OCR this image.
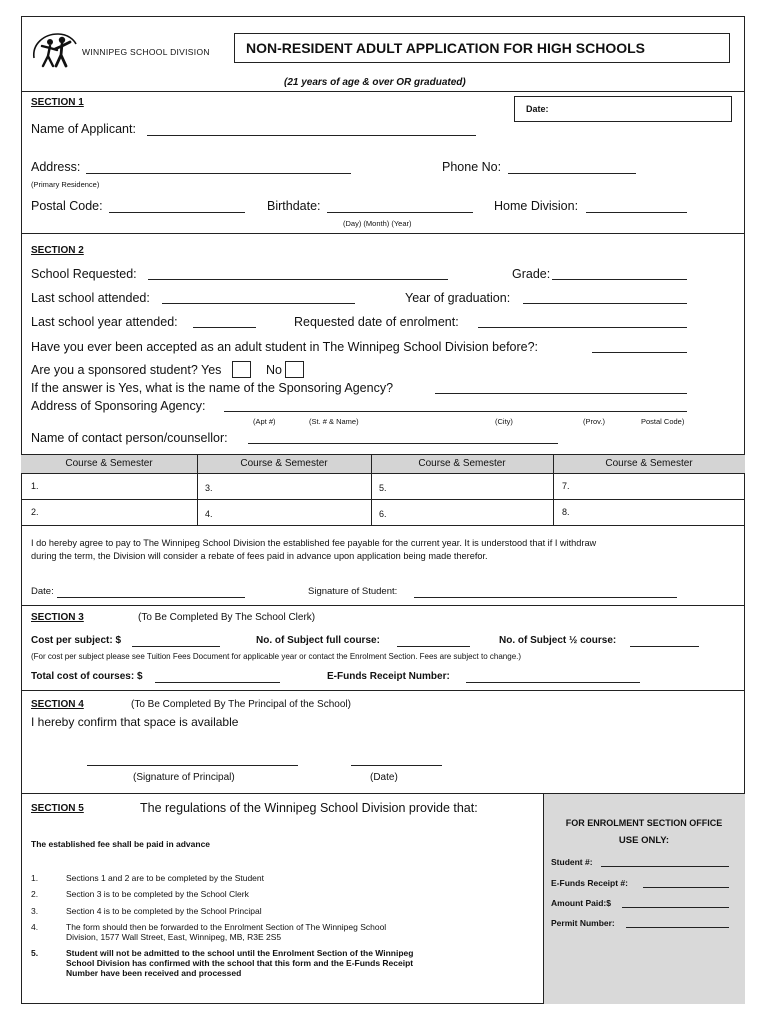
WINNIPEG SCHOOL DIVISION	NON-RESIDENT ADULT APPLICATION FOR HIGH SCHOOLS
(21 years of age & over OR graduated)
SECTION 1
Date:
Name of Applicant:
Address:	Phone No:
(Primary Residence)
Postal Code:	Birthdate:	Home Division:
(Day) (Month) (Year)
SECTION 2
School Requested:	Grade:
Last school attended:	Year of graduation:
Last school year attended:	Requested date of enrolment:
Have you ever been accepted as an adult student in The Winnipeg School Division before?:
Are you a sponsored student? Yes	No
If the answer is Yes, what is the name of the Sponsoring Agency?
Address of Sponsoring Agency:
(Apt #)	(St. # & Name)	(City)	(Prov.)	Postal Code)
Name of contact person/counsellor:
Course & Semester	Course & Semester	Course & Semester	Course & Semester
1.	3.	5.	7.
2.	4.	6.	8.
I do hereby agree to pay to The Winnipeg School Division the established fee payable for the current year. It is understood that if I withdraw
during the term, the Division will consider a rebate of fees paid in advance upon application being made therefor.
Date:	Signature of Student:
SECTION 3	(To Be Completed By The School Clerk)
Cost per subject: $	No. of Subject full course:	No. of Subject ½ course:
(For cost per subject please see Tuition Fees Document for applicable year or contact the Enrolment Section. Fees are subject to change.)
Total cost of courses: $	E-Funds Receipt Number:
SECTION 4	(To Be Completed By The Principal of the School)
I hereby confirm that space is available
(Signature of Principal)	(Date)
SECTION 5	The regulations of the Winnipeg School Division provide that:
The established fee shall be paid in advance
1.	Sections 1 and 2 are to be completed by the Student
2.	Section 3 is to be completed by the School Clerk
3.	Section 4 is to be completed by the School Principal
4.	The form should then be forwarded to the Enrolment Section of The Winnipeg School
Division, 1577 Wall Street, East, Winnipeg, MB, R3E 2S5
5.	Student will not be admitted to the school until the Enrolment Section of the Winnipeg
School Division has confirmed with the school that this form and the E-Funds Receipt
Number have been received and processed
FOR ENROLMENT SECTION OFFICE
USE ONLY:
Student #:
E-Funds Receipt #:
Amount Paid:$
Permit Number:
